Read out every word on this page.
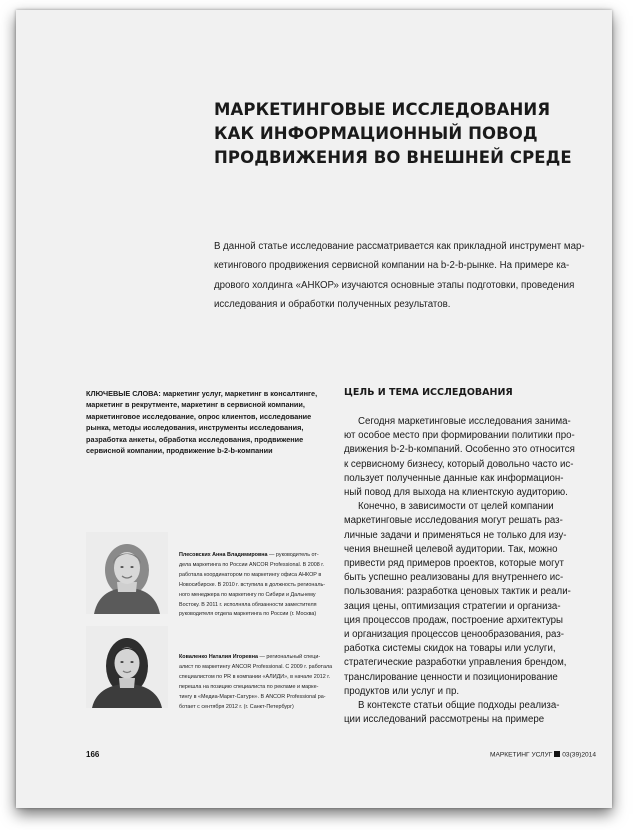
МАРКЕТИНГОВЫЕ ИССЛЕДОВАНИЯ
КАК ИНФОРМАЦИОННЫЙ ПОВОД
ПРОДВИЖЕНИЯ ВО ВНЕШНЕЙ СРЕДЕ
В данной статье исследование рассматривается как прикладной инструмент мар-
кетингового продвижения сервисной компании на b-2-b-рынке. На примере ка-
дрового холдинга «АНКОР» изучаются основные этапы подготовки, проведения
исследования и обработки полученных результатов.
КЛЮЧЕВЫЕ СЛОВА: маркетинг услуг, маркетинг в консалтинге,
маркетинг в рекрутменте, маркетинг в сервисной компании,
маркетинговое исследование, опрос клиентов, исследование
рынка, методы исследования, инструменты исследования,
разработка анкеты, обработка исследования, продвижение
сервисной компании, продвижение b-2-b-компании
ЦЕЛЬ И ТЕМА ИССЛЕДОВАНИЯ
Сегодня маркетинговые исследования занима-
ют особое место при формировании политики про-
движения b-2-b-компаний. Особенно это относится
к сервисному бизнесу, который довольно часто ис-
пользует полученные данные как информацион-
ный повод для выхода на клиентскую аудиторию.
Конечно, в зависимости от целей компании
маркетинговые исследования могут решать раз-
личные задачи и применяться не только для изу-
чения внешней целевой аудитории. Так, можно
привести ряд примеров проектов, которые могут
быть успешно реализованы для внутреннего ис-
пользования: разработка ценовых тактик и реали-
зация цены, оптимизация стратегии и организа-
ция процессов продаж, построение архитектуры
и организация процессов ценообразования, раз-
работка системы скидок на товары или услуги,
стратегические разработки управления брендом,
транслирование ценности и позиционирование
продуктов или услуг и пр.
В контексте статьи общие подходы реализа-
ции исследований рассмотрены на примере
Плесовских Анна Владимировна — руководитель от-
дела маркетинга по России ANCOR Professional. В 2008 г.
работала координатором по маркетингу офиса АНКОР в
Новосибирске. В 2010 г. вступила в должность региональ-
ного менеджера по маркетингу по Сибири и Дальнему
Востоку. В 2011 г. исполняла обязанности заместителя
руководителя отдела маркетинга по России (г. Москва)
Коваленко Наталия Игоревна — региональный специ-
алист по маркетингу ANCOR Professional. С 2009 г. работала
специалистом по PR в компании «АЛИДИ», в начале 2012 г.
перешла на позицию специалиста по рекламе и марке-
тингу в «Медиа-Маркт-Сатурн». В ANCOR Professional ра-
ботает с сентября 2012 г. (г. Санкт-Петербург)
166	МАРКЕТИНГ УСЛУГ 03(39)2014
